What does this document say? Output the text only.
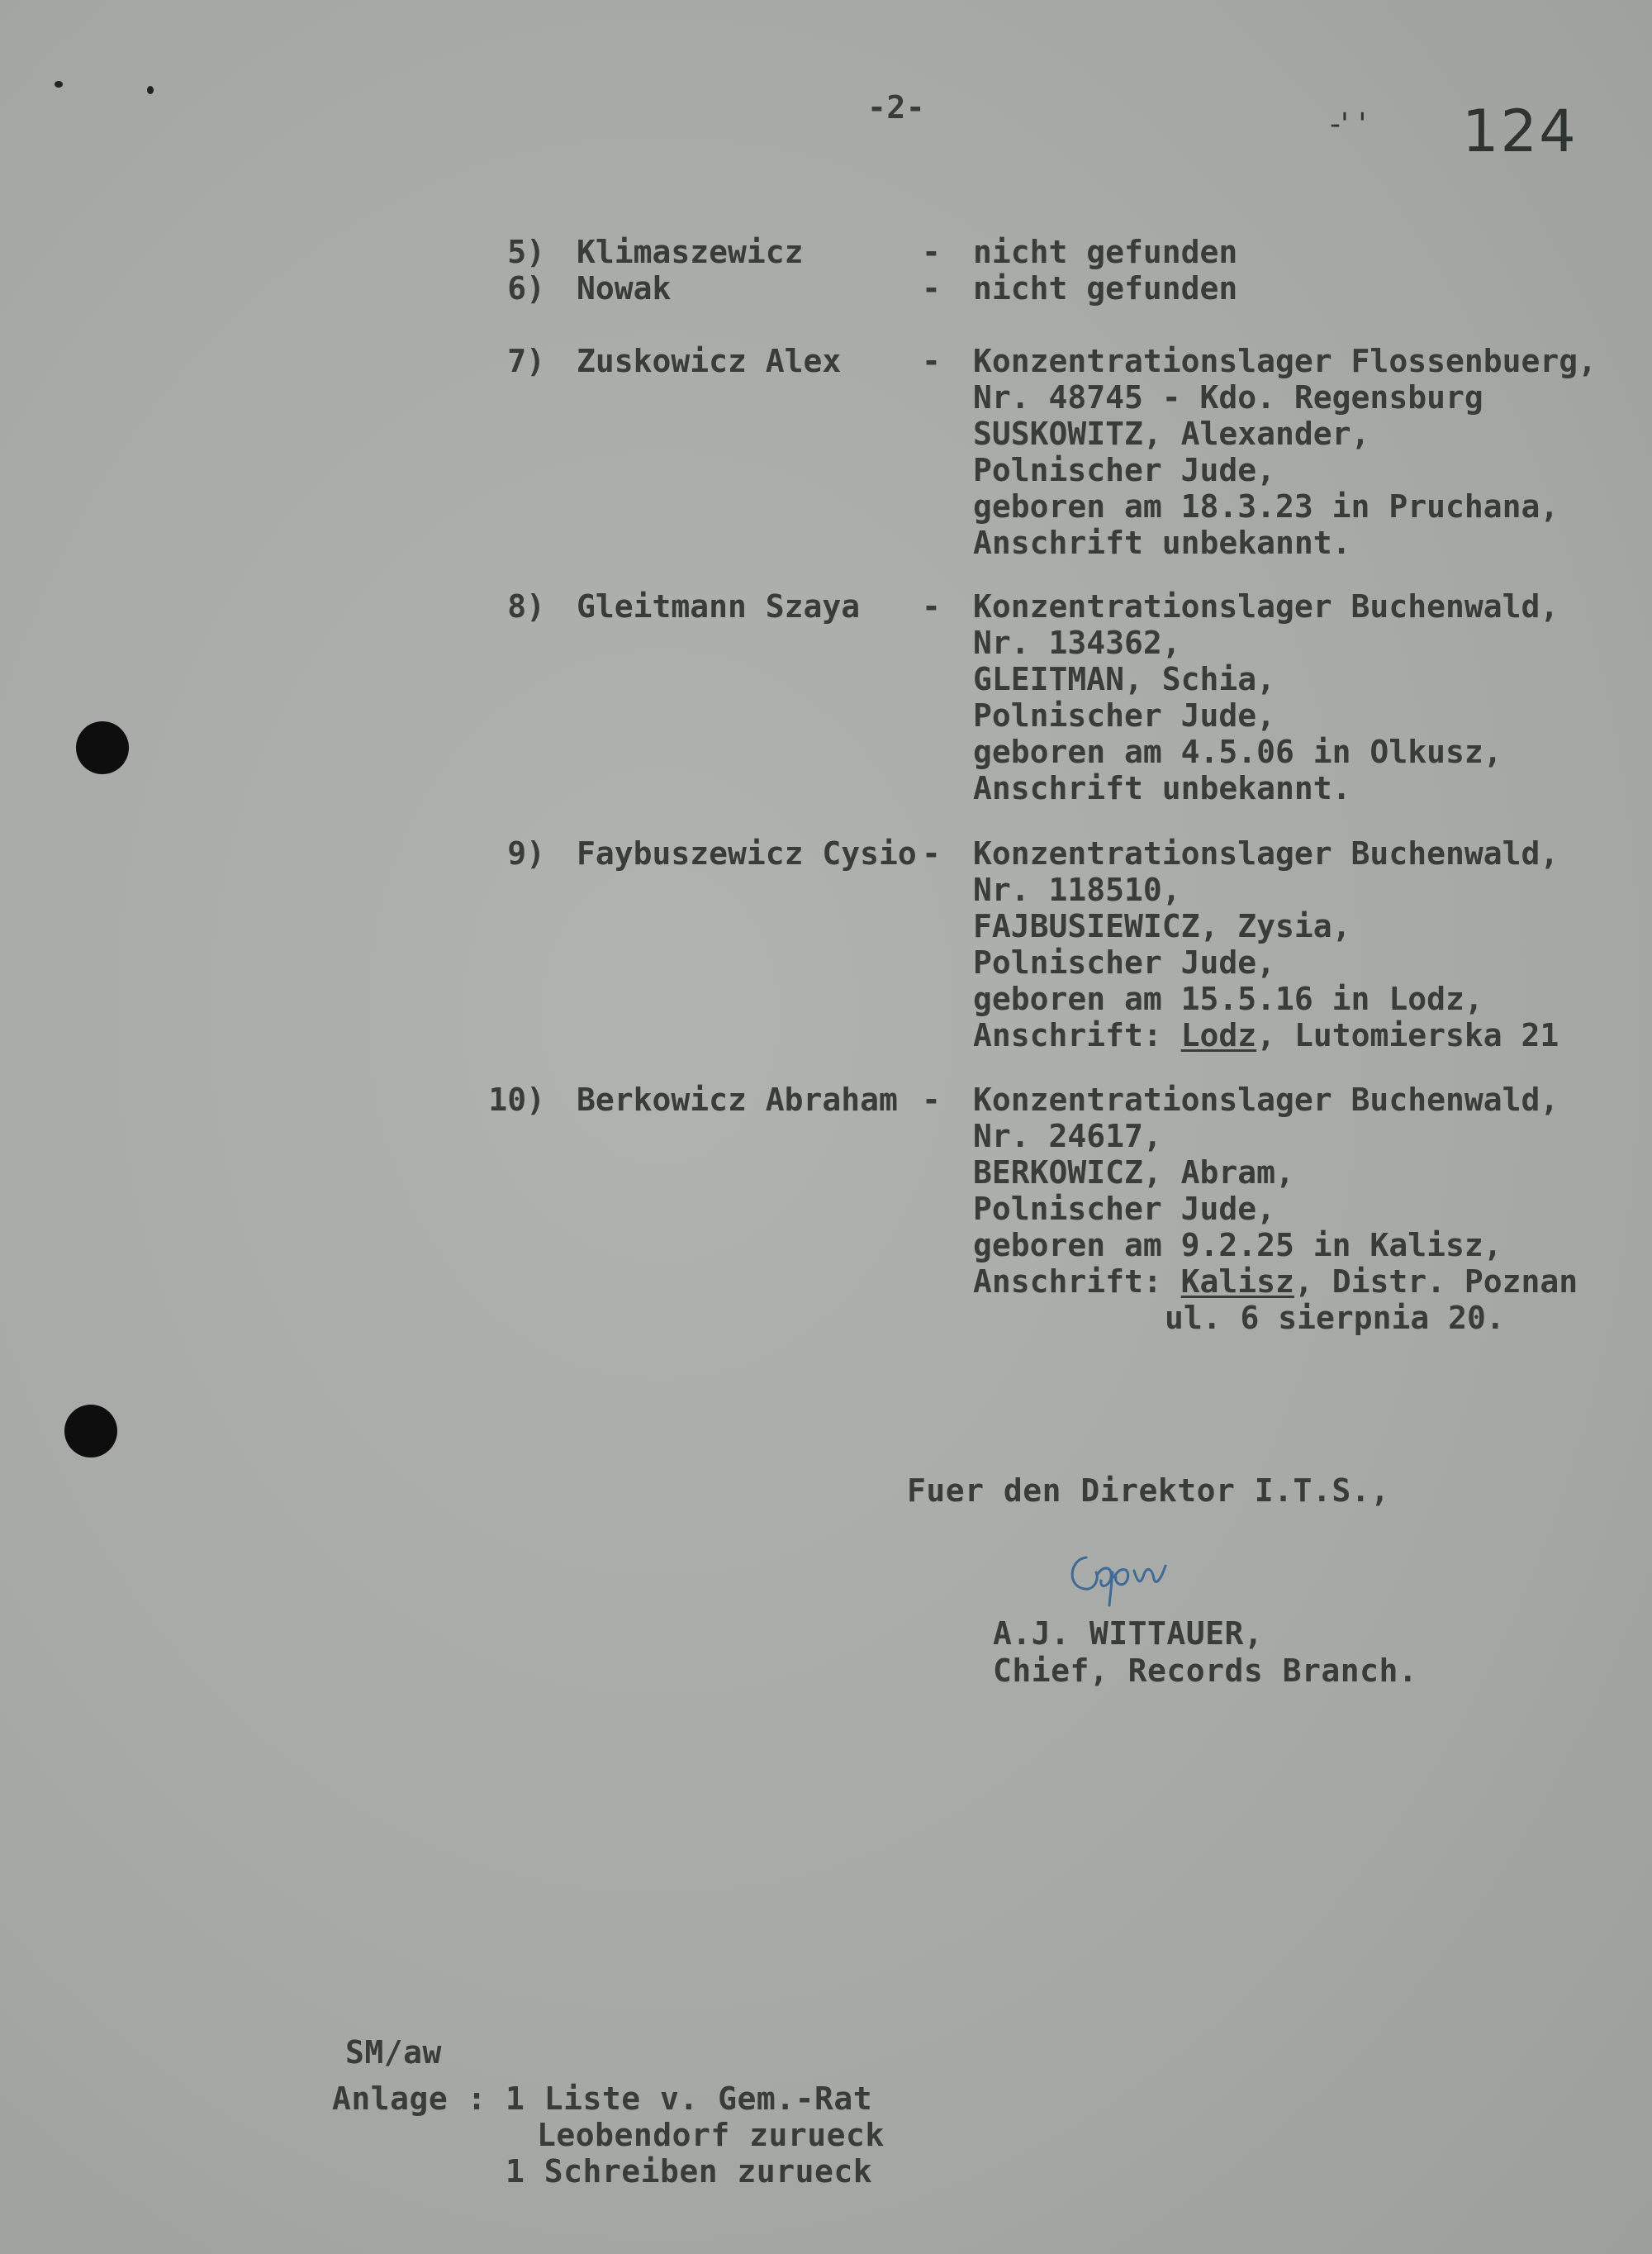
-2-	-' ' 124
5) Klimaszewicz	- nicht gefunden
6) Nowak	- nicht gefunden
7) Zuskowicz Alex	- Konzentrationslager Flossenbuerg,
Nr. 48745 - Kdo. Regensburg
SUSKOWITZ, Alexander,
Polnischer Jude,
geboren am 18.3.23 in Pruchana,
Anschrift unbekannt.
8) Gleitmann Szaya - Konzentrationslager Buchenwald,
Nr. 134362,
GLEITMAN, Schia,
Polnischer Jude,
geboren am 4.5.06 in Olkusz,
Anschrift unbekannt.
9) Faybuszewicz Cysio - Konzentrationslager Buchenwald,
Nr. 118510,
FAJBUSIEWICZ, Zysia,
Polnischer Jude,
geboren am 15.5.16 in Lodz,
Anschrift: Lodz, Lutomierska 21
10) Berkowicz Abraham - Konzentrationslager Buchenwald,
Nr. 24617,
BERKOWICZ, Abram,
Polnischer Jude,
geboren am 9.2.25 in Kalisz,
Anschrift: Kalisz, Distr. Poznan
ul. 6 sierpnia 20.
Fuer den Direktor I.T.S.,
A.J. WITTAUER,
Chief, Records Branch.
SM/aw
Anlage : 1 Liste v. Gem.-Rat
Leobendorf zurueck
1 Schreiben zurueck
